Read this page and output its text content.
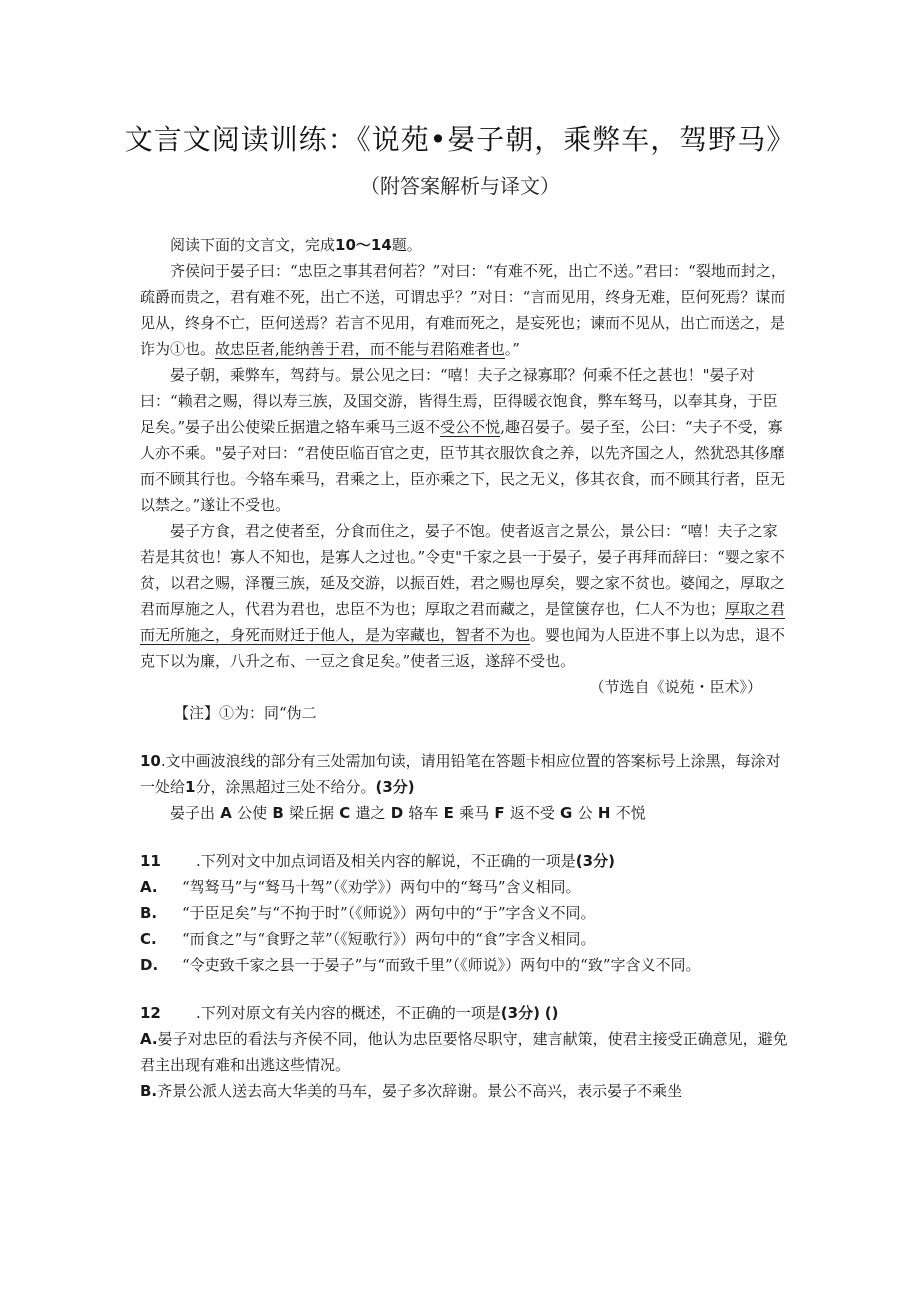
文言文阅读训练：《说苑•晏子朝，乘弊车，驾野马》
（附答案解析与译文）

阅读下面的文言文，完成10〜14题。

齐侯问于晏子曰：“忠臣之事其君何若？”对曰：“有难不死，出亡不送。”君曰：“裂地而封之，疏爵而贵之，君有难不死，出亡不送，可谓忠乎？”对日：“言而见用，终身无难，臣何死焉？谋而见从，终身不亡，臣何送焉？若言不见用，有难而死之，是妄死也；谏而不见从，出亡而送之，是诈为①也。故忠臣者,能纳善于君，而不能与君陷难者也。”

晏子朝，乘弊车，驾荮与。景公见之曰：“嘻！夫子之禄寡耶？何乘不任之甚也！"晏子对曰：“赖君之赐，得以寿三族，及国交游，皆得生焉，臣得暖衣饱食，弊车驽马，以奉其身，于臣足矣。”晏子出公使梁丘据遣之辂车乘马三返不受公不悦,趣召晏子。晏子至，公曰：“夫子不受，寡人亦不乘。"晏子对曰：“君使臣临百官之吏，臣节其衣服饮食之养，以先齐国之人，然犹恐其侈靡而不顾其行也。今辂车乘马，君乘之上，臣亦乘之下，民之无义，侈其衣食，而不顾其行者，臣无以禁之。”遂让不受也。

晏子方食，君之使者至，分食而住之，晏子不饱。使者返言之景公，景公曰：“嘻！夫子之家若是其贫也！寡人不知也，是寡人之过也。”令吏"千家之县一于晏子，晏子再拜而辞曰：“婴之家不贫，以君之赐，泽覆三族，延及交游，以振百姓，君之赐也厚矣，婴之家不贫也。婆闻之，厚取之君而厚施之人，代君为君也，忠臣不为也；厚取之君而藏之，是筐箧存也，仁人不为也；厚取之君而无所施之，身死而财迁于他人，是为宰藏也，智者不为也。婴也闻为人臣进不事上以为忠，退不克下以为廉，八升之布、一豆之食足矣。”使者三返，遂辞不受也。

（节选自《说苑・臣术》）

【注】①为：同“伪二

10.文中画波浪线的部分有三处需加句读，请用铅笔在答题卡相应位置的答案标号上涂黑，每涂对一处给1分，涂黑超过三处不给分。(3分)

晏子出 A 公使 B 梁丘据 C 遣之 D 辂车 E 乘马 F 返不受 G 公 H 不悦

11 .下列对文中加点词语及相关内容的解说，不正确的一项是(3分)

A. “驾驽马”与“驽马十驾”（《劝学》）两句中的“驽马”含义相同。

B. “于臣足矣”与“不拘于时”（《师说》）两句中的“于”字含义不同。

C. “而食之”与“食野之苹”（《短歌行》）两句中的“食”字含义相同。

D. “令吏致千家之县一于晏子”与“而致千里”（《师说》）两句中的“致”字含义不同。

12 .下列对原文有关内容的概述，不正确的一项是(3分) ()

A.晏子对忠臣的看法与齐侯不同，他认为忠臣要恪尽职守，建言献策，使君主接受正确意见，避免君主出现有难和出逃这些情况。

B.齐景公派人送去高大华美的马车，晏子多次辞谢。景公不高兴，表示晏子不乘坐
